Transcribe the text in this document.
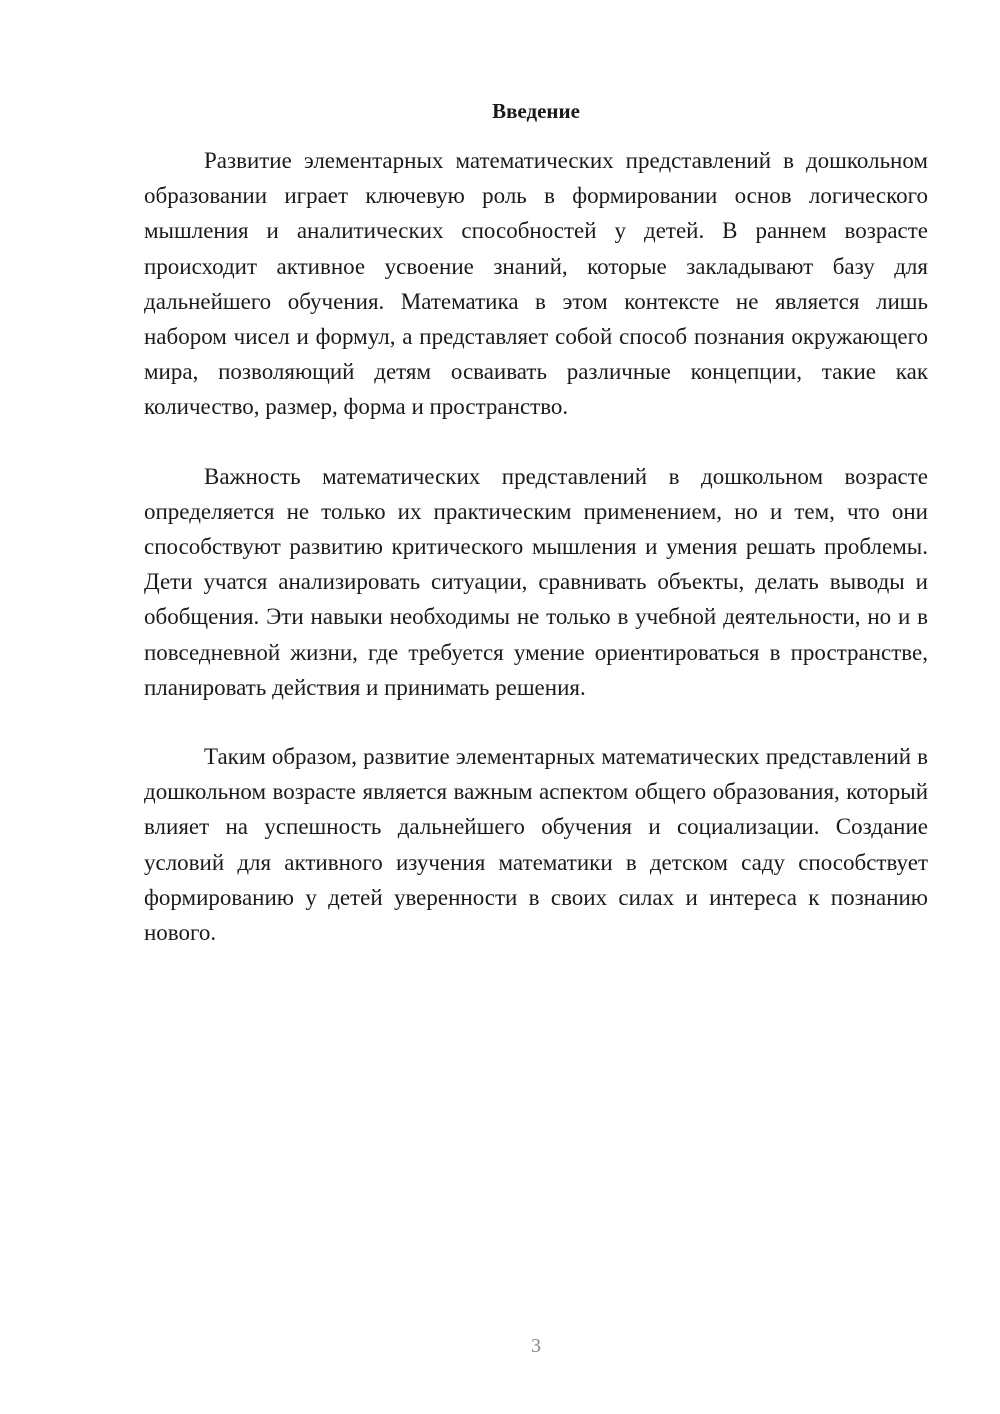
Введение

Развитие элементарных математических представлений в дошкольном образовании играет ключевую роль в формировании основ логического мышления и аналитических способностей у детей. В раннем возрасте происходит активное усвоение знаний, которые закладывают базу для дальнейшего обучения. Математика в этом контексте не является лишь набором чисел и формул, а представляет собой способ познания окружающего мира, позволяющий детям осваивать различные концепции, такие как количество, размер, форма и пространство.

Важность математических представлений в дошкольном возрасте определяется не только их практическим применением, но и тем, что они способствуют развитию критического мышления и умения решать проблемы. Дети учатся анализировать ситуации, сравнивать объекты, делать выводы и обобщения. Эти навыки необходимы не только в учебной деятельности, но и в повседневной жизни, где требуется умение ориентироваться в пространстве, планировать действия и принимать решения.

Таким образом, развитие элементарных математических представлений в дошкольном возрасте является важным аспектом общего образования, который влияет на успешность дальнейшего обучения и социализации. Создание условий для активного изучения математики в детском саду способствует формированию у детей уверенности в своих силах и интереса к познанию нового.

3
